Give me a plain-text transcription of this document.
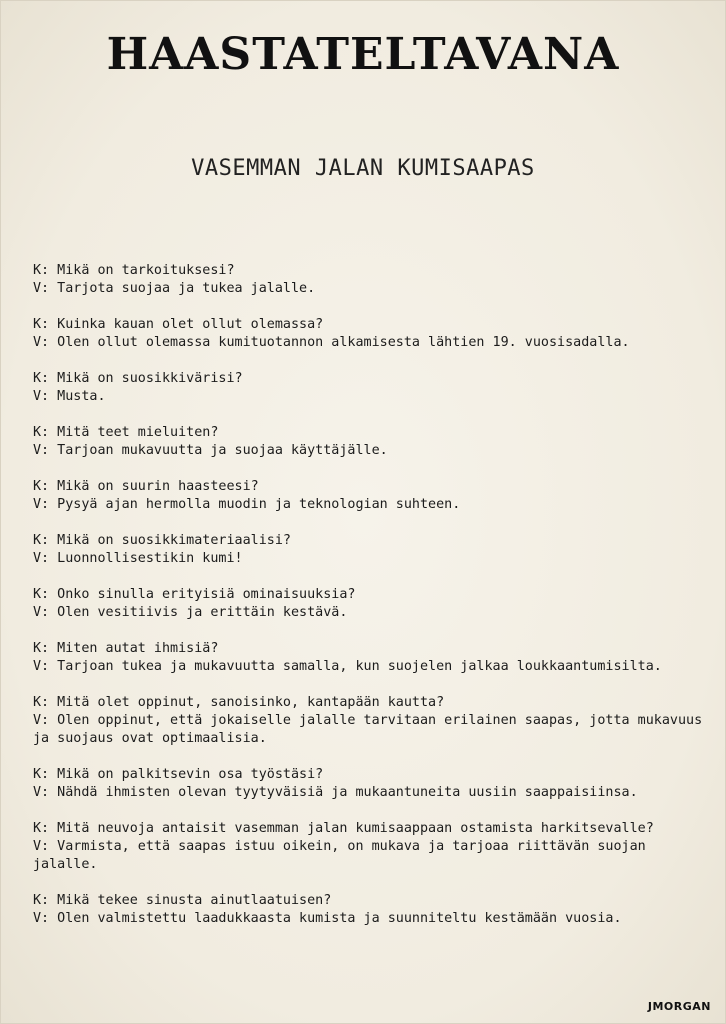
HAASTATELTAVANA
VASEMMAN JALAN KUMISAAPAS
K: Mikä on tarkoituksesi?
V: Tarjota suojaa ja tukea jalalle.
K: Kuinka kauan olet ollut olemassa?
V: Olen ollut olemassa kumituotannon alkamisesta lähtien 19. vuosisadalla.
K: Mikä on suosikkivärisi?
V: Musta.
K: Mitä teet mieluiten?
V: Tarjoan mukavuutta ja suojaa käyttäjälle.
K: Mikä on suurin haasteesi?
V: Pysyä ajan hermolla muodin ja teknologian suhteen.
K: Mikä on suosikkimateriaalisi?
V: Luonnollisestikin kumi!
K: Onko sinulla erityisiä ominaisuuksia?
V: Olen vesitiivis ja erittäin kestävä.
K: Miten autat ihmisiä?
V: Tarjoan tukea ja mukavuutta samalla, kun suojelen jalkaa loukkaantumisilta.
K: Mitä olet oppinut, sanoisinko, kantapään kautta?
V: Olen oppinut, että jokaiselle jalalle tarvitaan erilainen saapas, jotta mukavuus ja suojaus ovat optimaalisia.
K: Mikä on palkitsevin osa työstäsi?
V: Nähdä ihmisten olevan tyytyväisiä ja mukaantuneita uusiin saappaisiinsa.
K: Mitä neuvoja antaisit vasemman jalan kumisaappaan ostamista harkitsevalle?
V: Varmista, että saapas istuu oikein, on mukava ja tarjoaa riittävän suojan jalalle.
K: Mikä tekee sinusta ainutlaatuisen?
V: Olen valmistettu laadukkaasta kumista ja suunniteltu kestämään vuosia.
JMORGAN
